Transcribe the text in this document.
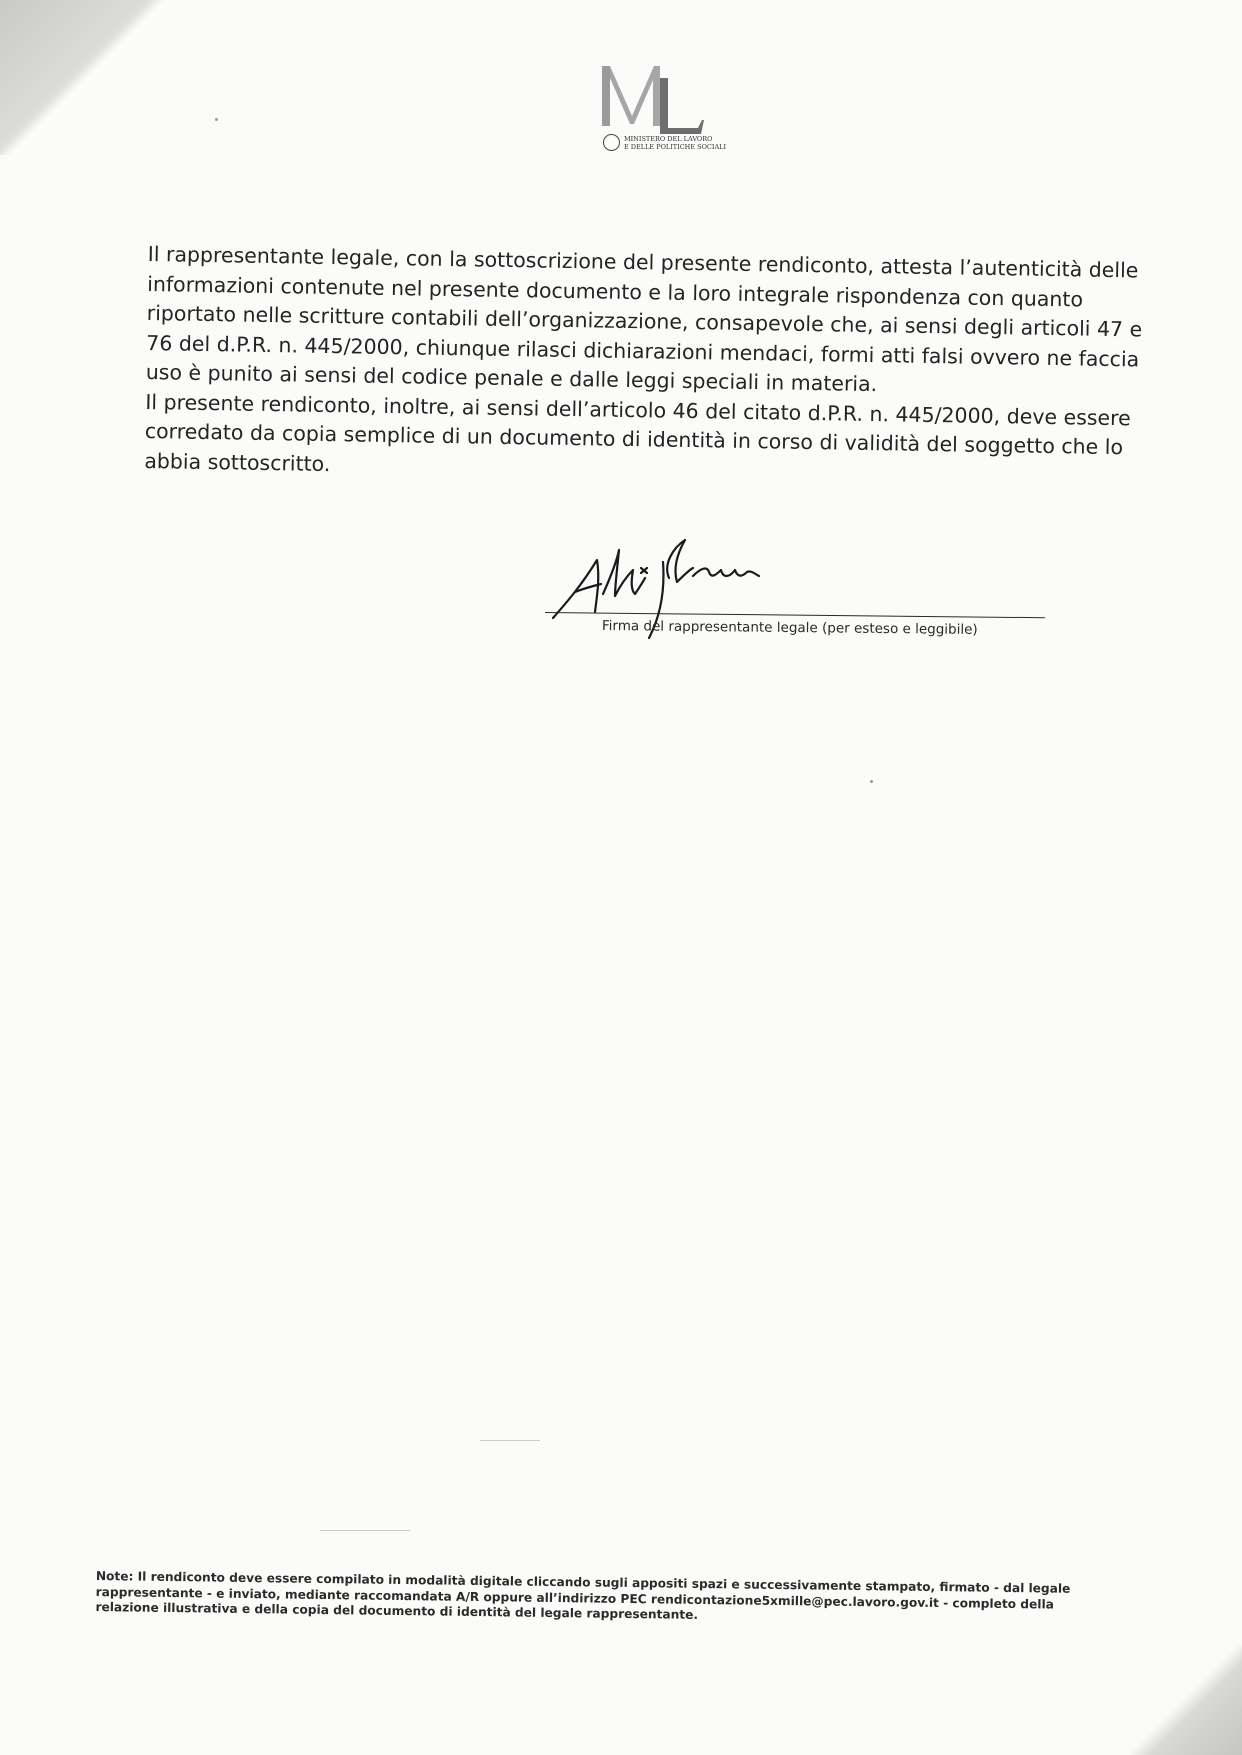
MINISTERO DEL LAVORO
E DELLE POLITICHE SOCIALI

Il rappresentante legale, con la sottoscrizione del presente rendiconto, attesta l’autenticità delle informazioni contenute nel presente documento e la loro integrale rispondenza con quanto riportato nelle scritture contabili dell’organizzazione, consapevole che, ai sensi degli articoli 47 e 76 del d.P.R. n. 445/2000, chiunque rilasci dichiarazioni mendaci, formi atti falsi ovvero ne faccia uso è punito ai sensi del codice penale e dalle leggi speciali in materia.

Il presente rendiconto, inoltre, ai sensi dell’articolo 46 del citato d.P.R. n. 445/2000, deve essere corredato da copia semplice di un documento di identità in corso di validità del soggetto che lo abbia sottoscritto.

Firma del rappresentante legale (per esteso e leggibile)

Note: Il rendiconto deve essere compilato in modalità digitale cliccando sugli appositi spazi e successivamente stampato, firmato - dal legale rappresentante - e inviato, mediante raccomandata A/R oppure all’indirizzo PEC rendicontazione5xmille@pec.lavoro.gov.it - completo della relazione illustrativa e della copia del documento di identità del legale rappresentante.
